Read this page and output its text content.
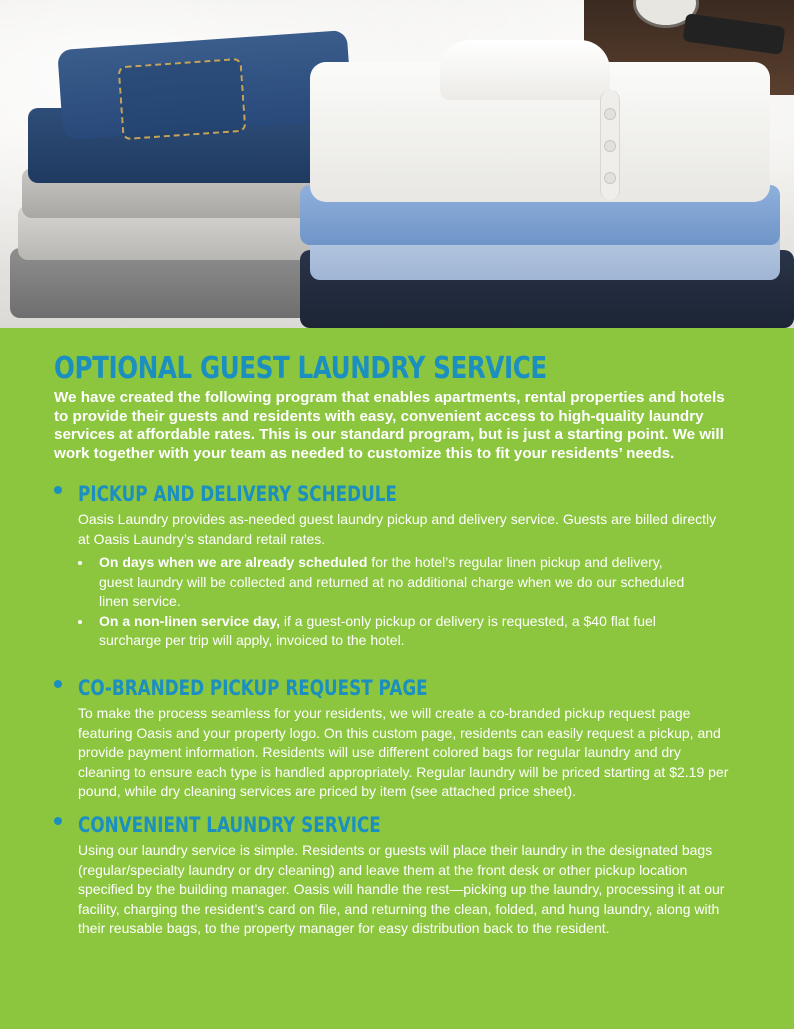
OPTIONAL GUEST LAUNDRY SERVICE

We have created the following program that enables apartments, rental properties and hotels to provide their guests and residents with easy, convenient access to high-quality laundry services at affordable rates. This is our standard program, but is just a starting point. We will work together with your team as needed to customize this to fit your residents’ needs.

PICKUP AND DELIVERY SCHEDULE

Oasis Laundry provides as-needed guest laundry pickup and delivery service. Guests are billed directly at Oasis Laundry’s standard retail rates.

On days when we are already scheduled for the hotel’s regular linen pickup and delivery, guest laundry will be collected and returned at no additional charge when we do our scheduled linen service.
On a non-linen service day, if a guest-only pickup or delivery is requested, a $40 flat fuel surcharge per trip will apply, invoiced to the hotel.
CO-BRANDED PICKUP REQUEST PAGE

To make the process seamless for your residents, we will create a co-branded pickup request page featuring Oasis and your property logo. On this custom page, residents can easily request a pickup, and provide payment information. Residents will use different colored bags for regular laundry and dry cleaning to ensure each type is handled appropriately. Regular laundry will be priced starting at $2.19 per pound, while dry cleaning services are priced by item (see attached price sheet).

CONVENIENT LAUNDRY SERVICE

Using our laundry service is simple. Residents or guests will place their laundry in the designated bags (regular/specialty laundry or dry cleaning) and leave them at the front desk or other pickup location specified by the building manager. Oasis will handle the rest—picking up the laundry, processing it at our facility, charging the resident’s card on file, and returning the clean, folded, and hung laundry, along with their reusable bags, to the property manager for easy distribution back to the resident.
